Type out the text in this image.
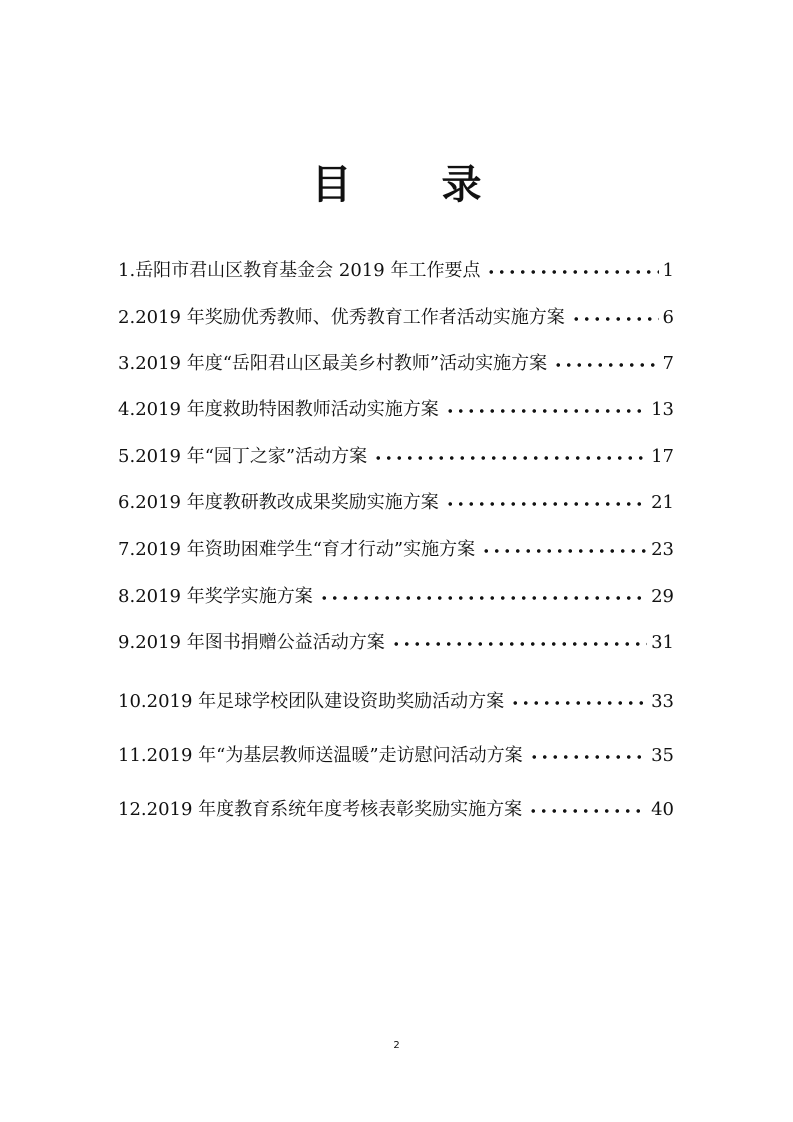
目 录
1. 岳阳市君山区教育基金会 2019 年工作要点	1
2. 2019 年奖励优秀教师、优秀教育工作者活动实施方案	6
3. 2019 年度“岳阳君山区最美乡村教师”活动实施方案	7
4. 2019 年度救助特困教师活动实施方案	13
5. 2019 年“园丁之家”活动方案	17
6. 2019 年度教研教改成果奖励实施方案	21
7. 2019 年资助困难学生“育才行动”实施方案	23
8. 2019 年奖学实施方案	29
9. 2019 年图书捐赠公益活动方案	31
10. 2019 年足球学校团队建设资助奖励活动方案	33
11. 2019 年“为基层教师送温暖”走访慰问活动方案	35
12. 2019 年度教育系统年度考核表彰奖励实施方案	40
2
